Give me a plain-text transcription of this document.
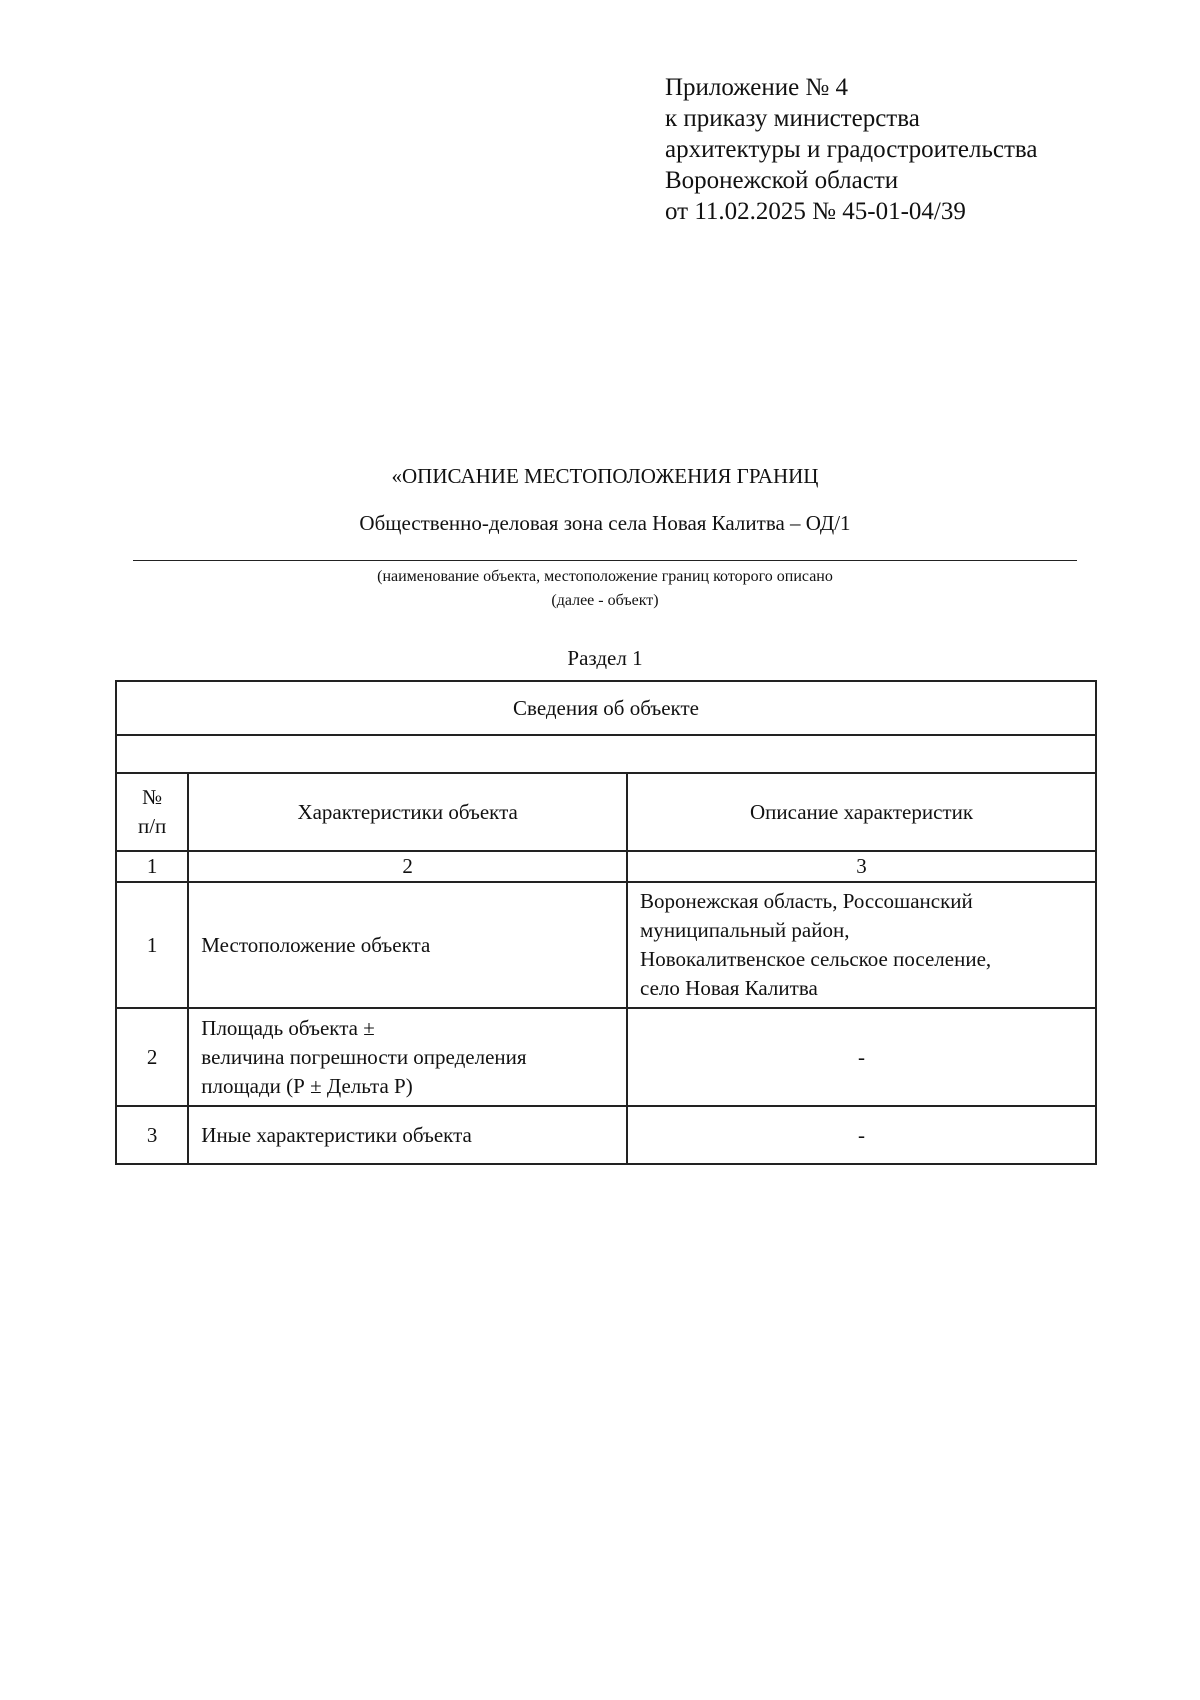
Приложение № 4
к приказу министерства
архитектуры и градостроительства
Воронежской области
от 11.02.2025 № 45-01-04/39
«ОПИСАНИЕ МЕСТОПОЛОЖЕНИЯ ГРАНИЦ
Общественно-деловая зона села Новая Калитва – ОД/1
(наименование объекта, местоположение границ которого описано
(далее - объект)
Раздел 1
Сведения об объекте		

№
п/п	Характеристики объекта	Описание характеристик
1	2	3
1	Местоположение объекта	Воронежская область, Россошанский
муниципальный район,
Новокалитвенское сельское поселение,
село Новая Калитва

2	Площадь объекта ±
величина погрешности определения
площади (Р ± Дельта Р)	-
3	Иные характеристики объекта	-
